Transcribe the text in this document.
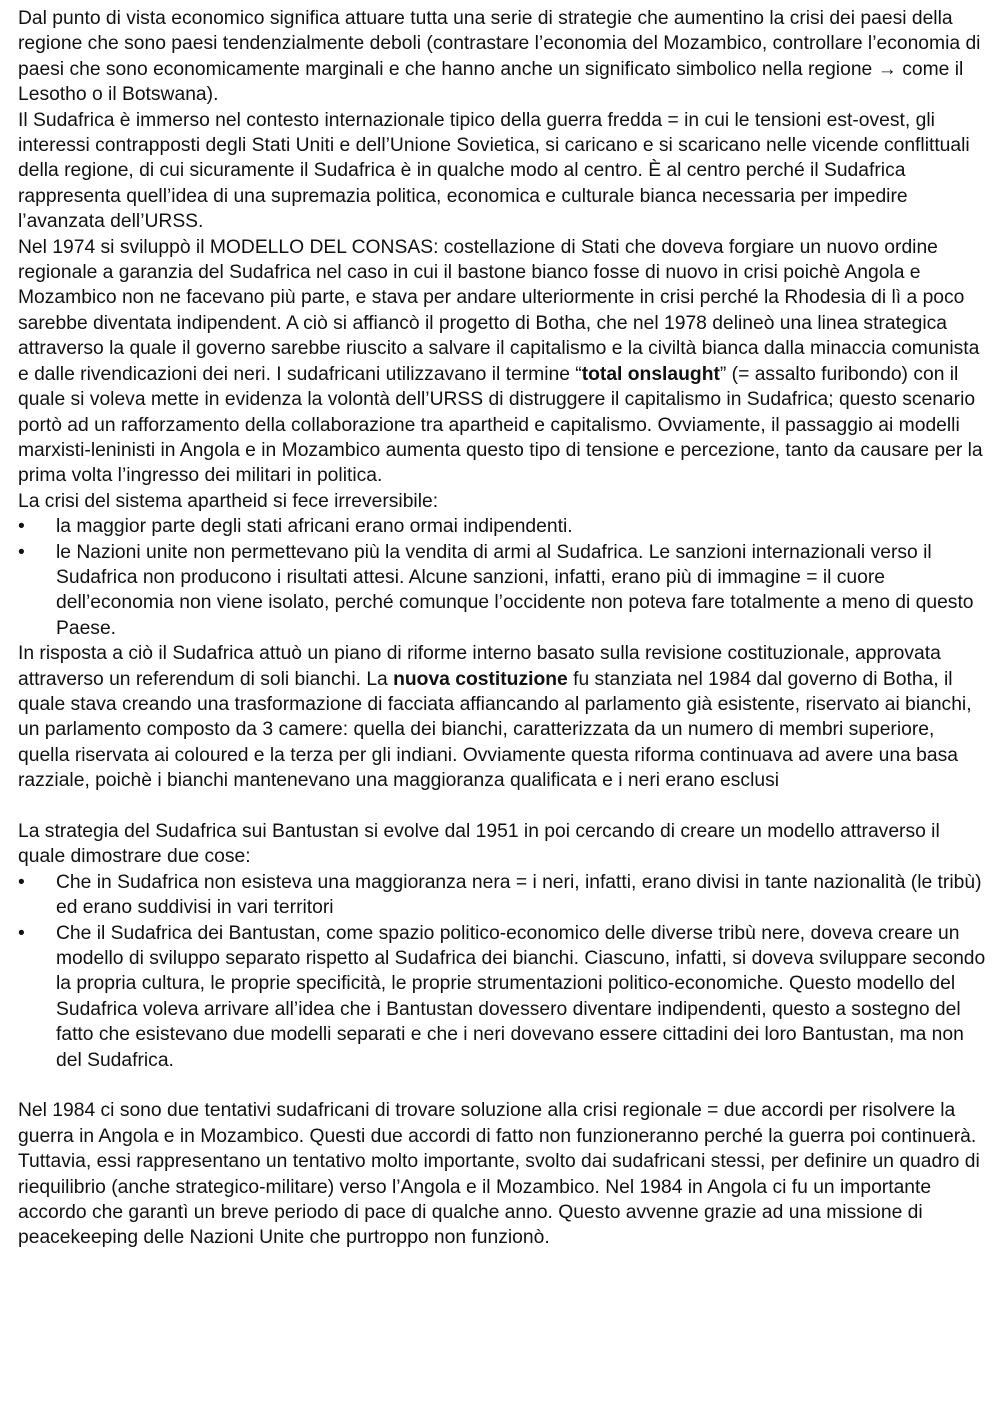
Dal punto di vista economico significa attuare tutta una serie di strategie che aumentino la crisi dei paesi della regione che sono paesi tendenzialmente deboli (contrastare l’economia del Mozambico, controllare l’economia di paesi che sono economicamente marginali e che hanno anche un significato simbolico nella regione → come il Lesotho o il Botswana).

Il Sudafrica è immerso nel contesto internazionale tipico della guerra fredda = in cui le tensioni est-ovest, gli interessi contrapposti degli Stati Uniti e dell’Unione Sovietica, si caricano e si scaricano nelle vicende conflittuali della regione, di cui sicuramente il Sudafrica è in qualche modo al centro. È al centro perché il Sudafrica rappresenta quell’idea di una supremazia politica, economica e culturale bianca necessaria per impedire l’avanzata dell’URSS.

Nel 1974 si sviluppò il MODELLO DEL CONSAS: costellazione di Stati che doveva forgiare un nuovo ordine regionale a garanzia del Sudafrica nel caso in cui il bastone bianco fosse di nuovo in crisi poichè Angola e Mozambico non ne facevano più parte, e stava per andare ulteriormente in crisi perché la Rhodesia di lì a poco sarebbe diventata indipendent. A ciò si affiancò il progetto di Botha, che nel 1978 delineò una linea strategica attraverso la quale il governo sarebbe riuscito a salvare il capitalismo e la civiltà bianca dalla minaccia comunista e dalle rivendicazioni dei neri. I sudafricani utilizzavano il termine “total onslaught” (= assalto furibondo) con il quale si voleva mette in evidenza la volontà dell’URSS di distruggere il capitalismo in Sudafrica; questo scenario portò ad un rafforzamento della collaborazione tra apartheid e capitalismo. Ovviamente, il passaggio ai modelli marxisti-leninisti in Angola e in Mozambico aumenta questo tipo di tensione e percezione, tanto da causare per la prima volta l’ingresso dei militari in politica.

La crisi del sistema apartheid si fece irreversibile:

•	la maggior parte degli stati africani erano ormai indipendenti.
•	le Nazioni unite non permettevano più la vendita di armi al Sudafrica. Le sanzioni internazionali verso il Sudafrica non producono i risultati attesi. Alcune sanzioni, infatti, erano più di immagine = il cuore dell’economia non viene isolato, perché comunque l’occidente non poteva fare totalmente a meno di questo Paese.

In risposta a ciò il Sudafrica attuò un piano di riforme interno basato sulla revisione costituzionale, approvata attraverso un referendum di soli bianchi. La nuova costituzione fu stanziata nel 1984 dal governo di Botha, il quale stava creando una trasformazione di facciata affiancando al parlamento già esistente, riservato ai bianchi, un parlamento composto da 3 camere: quella dei bianchi, caratterizzata da un numero di membri superiore, quella riservata ai coloured e la terza per gli indiani. Ovviamente questa riforma continuava ad avere una basa razziale, poichè i bianchi mantenevano una maggioranza qualificata e i neri erano esclusi

La strategia del Sudafrica sui Bantustan si evolve dal 1951 in poi cercando di creare un modello attraverso il quale dimostrare due cose:

•	Che in Sudafrica non esisteva una maggioranza nera = i neri, infatti, erano divisi in tante nazionalità (le tribù) ed erano suddivisi in vari territori
•	Che il Sudafrica dei Bantustan, come spazio politico-economico delle diverse tribù nere, doveva creare un modello di sviluppo separato rispetto al Sudafrica dei bianchi. Ciascuno, infatti, si doveva sviluppare secondo la propria cultura, le proprie specificità, le proprie strumentazioni politico-economiche. Questo modello del Sudafrica voleva arrivare all’idea che i Bantustan dovessero diventare indipendenti, questo a sostegno del fatto che esistevano due modelli separati e che i neri dovevano essere cittadini dei loro Bantustan, ma non del Sudafrica.

Nel 1984 ci sono due tentativi sudafricani di trovare soluzione alla crisi regionale = due accordi per risolvere la guerra in Angola e in Mozambico. Questi due accordi di fatto non funzioneranno perché la guerra poi continuerà. Tuttavia, essi rappresentano un tentativo molto importante, svolto dai sudafricani stessi, per definire un quadro di riequilibrio (anche strategico-militare) verso l’Angola e il Mozambico. Nel 1984 in Angola ci fu un importante accordo che garantì un breve periodo di pace di qualche anno. Questo avvenne grazie ad una missione di peacekeeping delle Nazioni Unite che purtroppo non funzionò.
